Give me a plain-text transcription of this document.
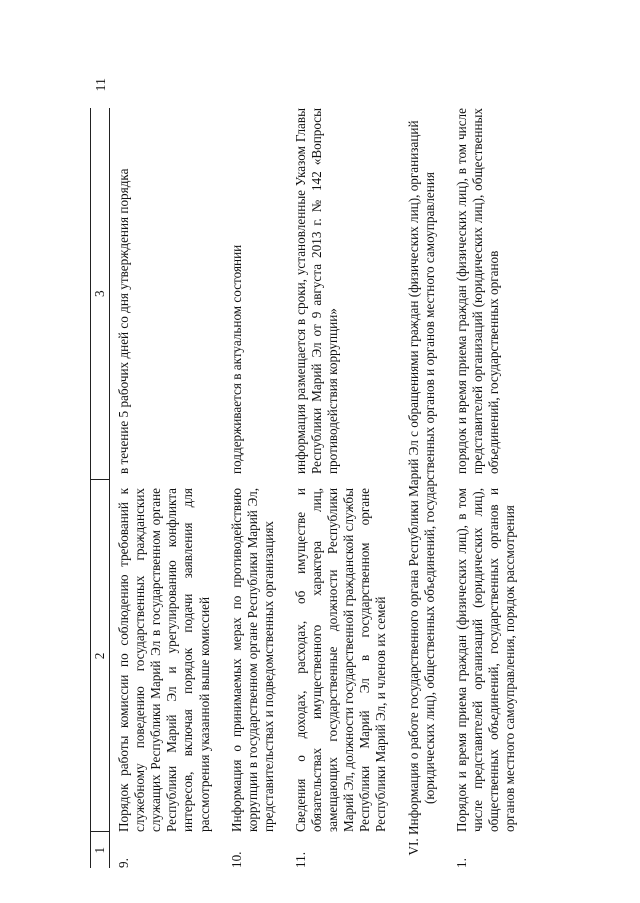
11
1	2	3
9.	Порядок работы комиссии по соблюдению требований к служебному поведению государственных гражданских служащих Республики Марий Эл в государственном органе Республики Марий Эл и урегулированию конфликта интересов, включая порядок подачи заявления для рассмотрения указанной выше комиссией	в течение 5 рабочих дней со дня утверждения порядка
10.	Информация о принимаемых мерах по противодействию коррупции в государственном органе Республики Марий Эл, представительствах и подведомственных организациях	поддерживается в актуальном состоянии
11.	Сведения о доходах, расходах, об имуществе и обязательствах имущественного характера лиц, замещающих государственные должности Республики Марий Эл, должности государственной гражданской службы Республики Марий Эл в государственном органе Республики Марий Эл, и членов их семей	информация размещается в сроки, установленные Указом Главы Республики Марий Эл от 9 августа 2013 г. № 142 «Вопросы противодействия коррупции»

VI. Информация о работе государственного органа Республики Марий Эл с обращениями граждан (физических лиц), организаций (юридических лиц), общественных объединений, государственных органов и органов местного самоуправления		

1.	Порядок и время приема граждан (физических лиц), в том числе представителей организаций (юридических лиц), общественных объединений, государственных органов и органов местного самоуправления, порядок рассмотрения	порядок и время приема граждан (физических лиц), в том числе представителей организаций (юридических лиц), общественных объединений, государственных органов
